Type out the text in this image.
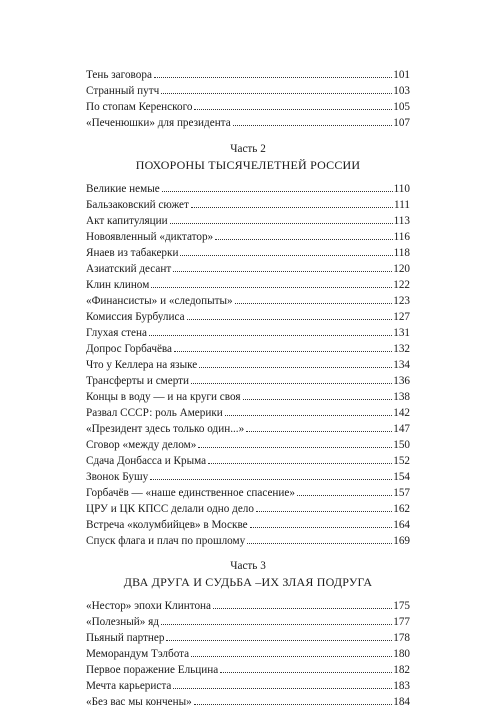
Тень заговора	101
Странный путч	103
По стопам Керенского	105
«Печенюшки» для президента	107
Часть 2
ПОХОРОНЫ ТЫСЯЧЕЛЕТНЕЙ РОССИИ
Великие немые	110
Бальзаковский сюжет	111
Акт капитуляции	113
Новоявленный «диктатор»	116
Янаев из табакерки	118
Азиатский десант	120
Клин клином	122
«Финансисты» и «следопыты»	123
Комиссия Бурбулиса	127
Глухая стена	131
Допрос Горбачёва	132
Что у Келлера на языке	134
Трансферты и смерти	136
Концы в воду — и на круги своя	138
Развал СССР: роль Америки	142
«Президент здесь только один...»	147
Сговор «между делом»	150
Сдача Донбасса и Крыма	152
Звонок Бушу	154
Горбачёв — «наше единственное спасение»	157
ЦРУ и ЦК КПСС делали одно дело	162
Встреча «колумбийцев» в Москве	164
Спуск флага и плач по прошлому	169
Часть 3
ДВА ДРУГА И СУДЬБА –ИХ ЗЛАЯ ПОДРУГА
«Нестор» эпохи Клинтона	175
«Полезный» яд	177
Пьяный партнер	178
Меморандум Тэлбота	180
Первое поражение Ельцина	182
Мечта карьериста	183
«Без вас мы кончены»	184
